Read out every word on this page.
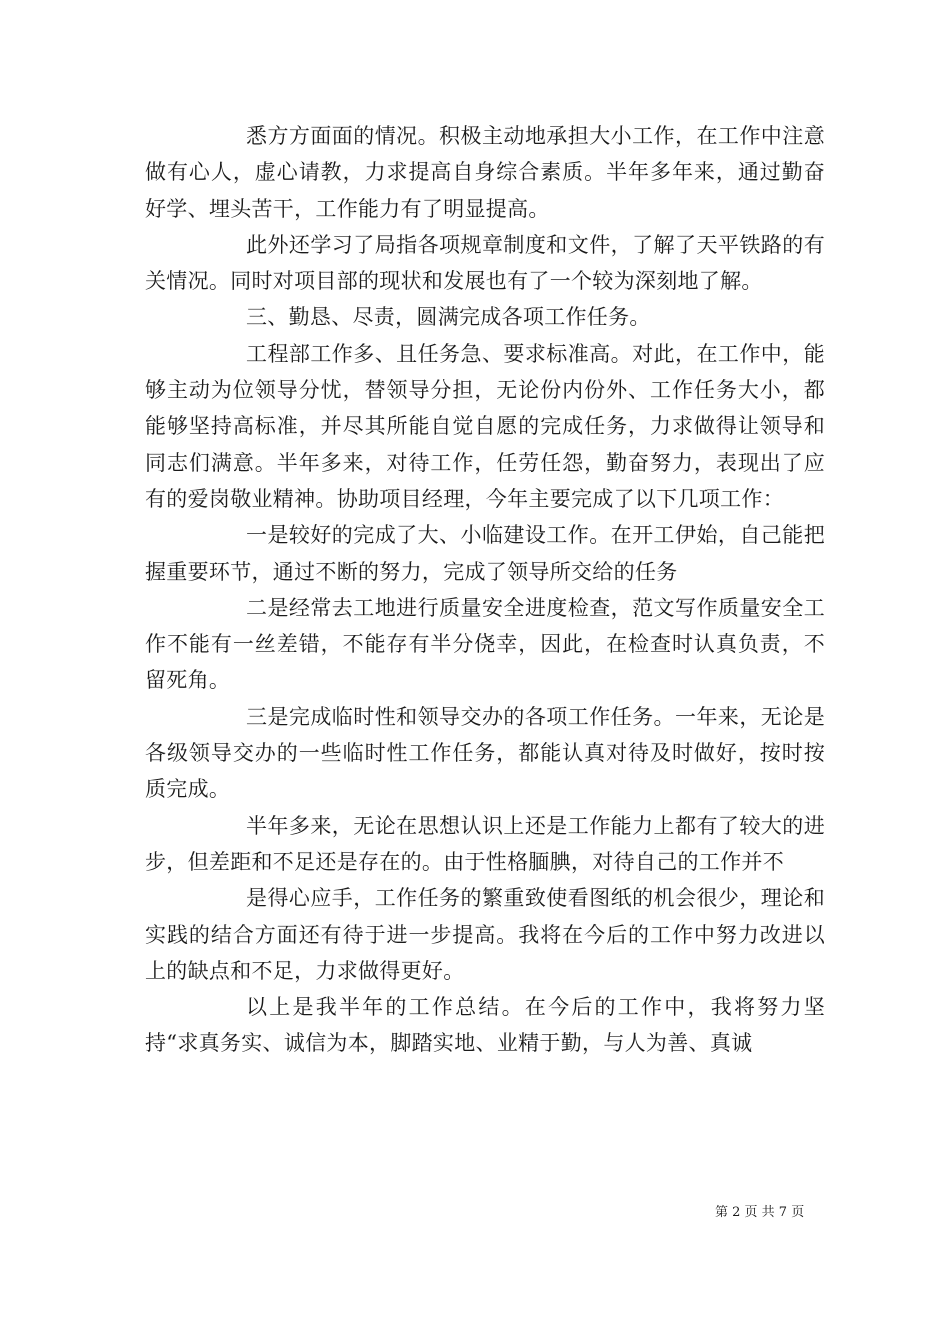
悉方方面面的情况。积极主动地承担大小工作，在工作中注意做有心人，虚心请教，力求提高自身综合素质。半年多年来，通过勤奋好学、埋头苦干，工作能力有了明显提高。

此外还学习了局指各项规章制度和文件，了解了天平铁路的有关情况。同时对项目部的现状和发展也有了一个较为深刻地了解。

三、勤恳、尽责，圆满完成各项工作任务。

工程部工作多、且任务急、要求标准高。对此，在工作中，能够主动为位领导分忧，替领导分担，无论份内份外、工作任务大小，都能够坚持高标准，并尽其所能自觉自愿的完成任务，力求做得让领导和同志们满意。半年多来，对待工作，任劳任怨，勤奋努力，表现出了应有的爱岗敬业精神。协助项目经理，今年主要完成了以下几项工作：

一是较好的完成了大、小临建设工作。在开工伊始，自己能把握重要环节，通过不断的努力，完成了领导所交给的任务

二是经常去工地进行质量安全进度检查，范文写作质量安全工作不能有一丝差错，不能存有半分侥幸，因此，在检查时认真负责，不留死角。

三是完成临时性和领导交办的各项工作任务。一年来，无论是各级领导交办的一些临时性工作任务，都能认真对待及时做好，按时按质完成。

半年多来，无论在思想认识上还是工作能力上都有了较大的进步，但差距和不足还是存在的。由于性格腼腆，对待自己的工作并不

是得心应手，工作任务的繁重致使看图纸的机会很少，理论和实践的结合方面还有待于进一步提高。我将在今后的工作中努力改进以上的缺点和不足，力求做得更好。

以上是我半年的工作总结。在今后的工作中，我将努力坚持“求真务实、诚信为本，脚踏实地、业精于勤，与人为善、真诚

第 2 页 共 7 页
